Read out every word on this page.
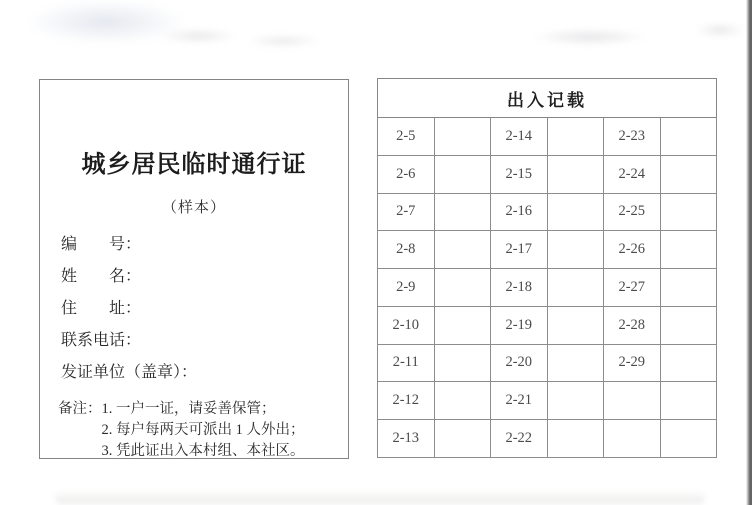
城乡居民临时通行证
（样本）
编　　号：
姓　　名：
住　　址：
联系电话：
发证单位（盖章）：
备注： 1. 一户一证，请妥善保管；
2. 每户每两天可派出 1 人外出；
3. 凭此证出入本村组、本社区。
出入记载					
2-5		2-14		2-23	
2-6		2-15		2-24	
2-7		2-16		2-25	
2-8		2-17		2-26	
2-9		2-18		2-27	
2-10		2-19		2-28	
2-11		2-20		2-29	
2-12		2-21			
2-13		2-22			
